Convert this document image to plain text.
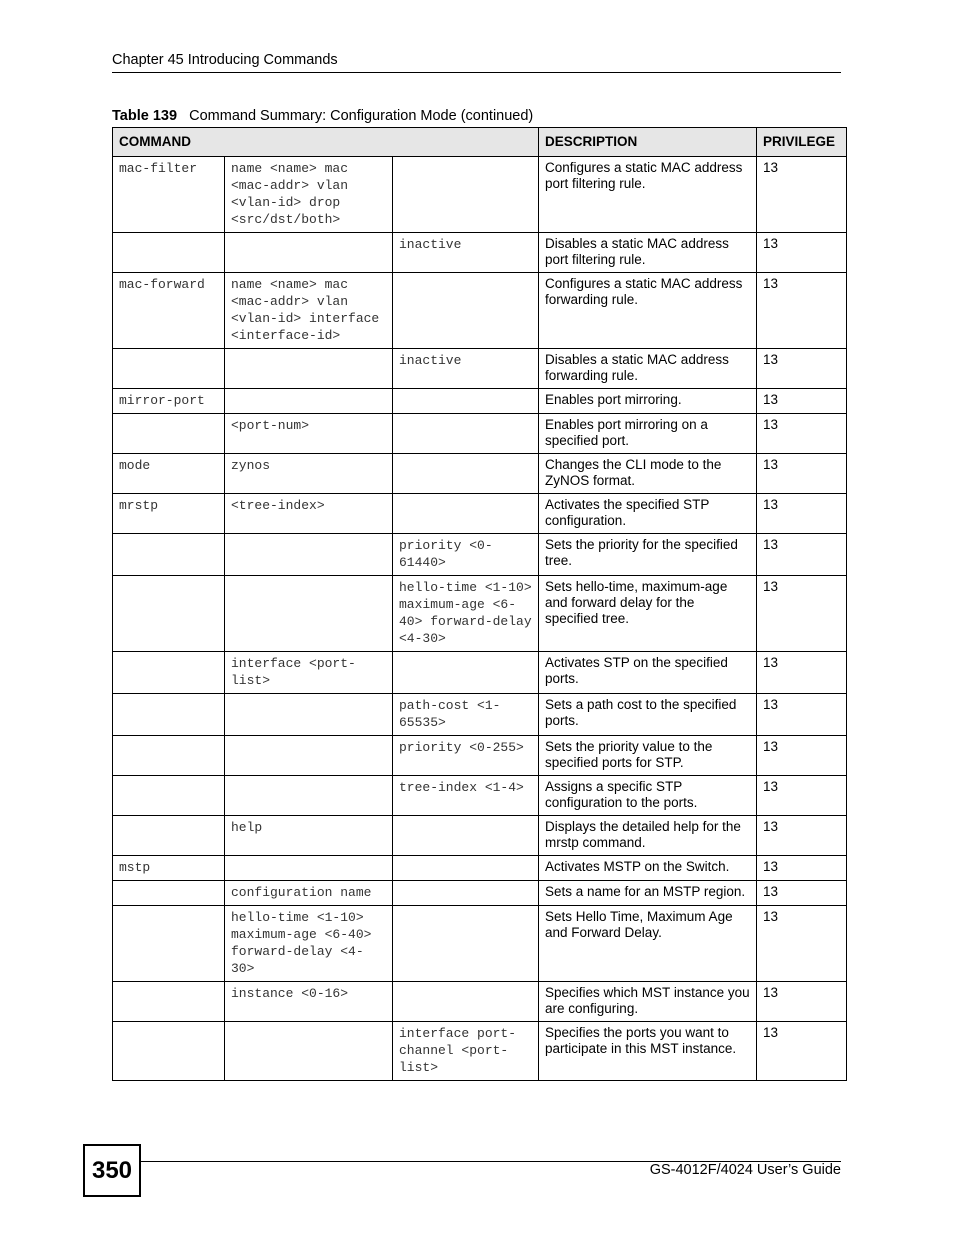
Chapter 45 Introducing Commands
Table 139 Command Summary: Configuration Mode (continued)
COMMAND			DESCRIPTION	PRIVILEGE
mac-filter	name <name> mac <mac-addr> vlan <vlan-id> drop <src/dst/both>		Configures a static MAC address port filtering rule.	13
		inactive	Disables a static MAC address port filtering rule.	13
mac-forward	name <name> mac <mac-addr> vlan <vlan-id> interface <interface-id>		Configures a static MAC address forwarding rule.	13
		inactive	Disables a static MAC address forwarding rule.	13
mirror-port			Enables port mirroring.	13
	<port-num>		Enables port mirroring on a specified port.	13
mode	zynos		Changes the CLI mode to the ZyNOS format.	13
mrstp	<tree-index>		Activates the specified STP configuration.	13
		priority <0-61440>	Sets the priority for the specified tree.	13
		hello-time <1-10> maximum-age <6-40> forward-delay <4-30>	Sets hello-time, maximum-age and forward delay for the specified tree.	13
	interface <port-list>		Activates STP on the specified ports.	13
		path-cost <1-65535>	Sets a path cost to the specified ports.	13
		priority <0-255>	Sets the priority value to the specified ports for STP.	13
		tree-index <1-4>	Assigns a specific STP configuration to the ports.	13
	help		Displays the detailed help for the mrstp command.	13
mstp			Activates MSTP on the Switch.	13
	configuration name		Sets a name for an MSTP region.	13
	hello-time <1-10> maximum-age <6-40> forward-delay <4-30>		Sets Hello Time, Maximum Age and Forward Delay.	13
	instance <0-16>		Specifies which MST instance you are configuring.	13
		interface port-channel <port-list>	Specifies the ports you want to participate in this MST instance.	13
350	GS-4012F/4024 User’s Guide
